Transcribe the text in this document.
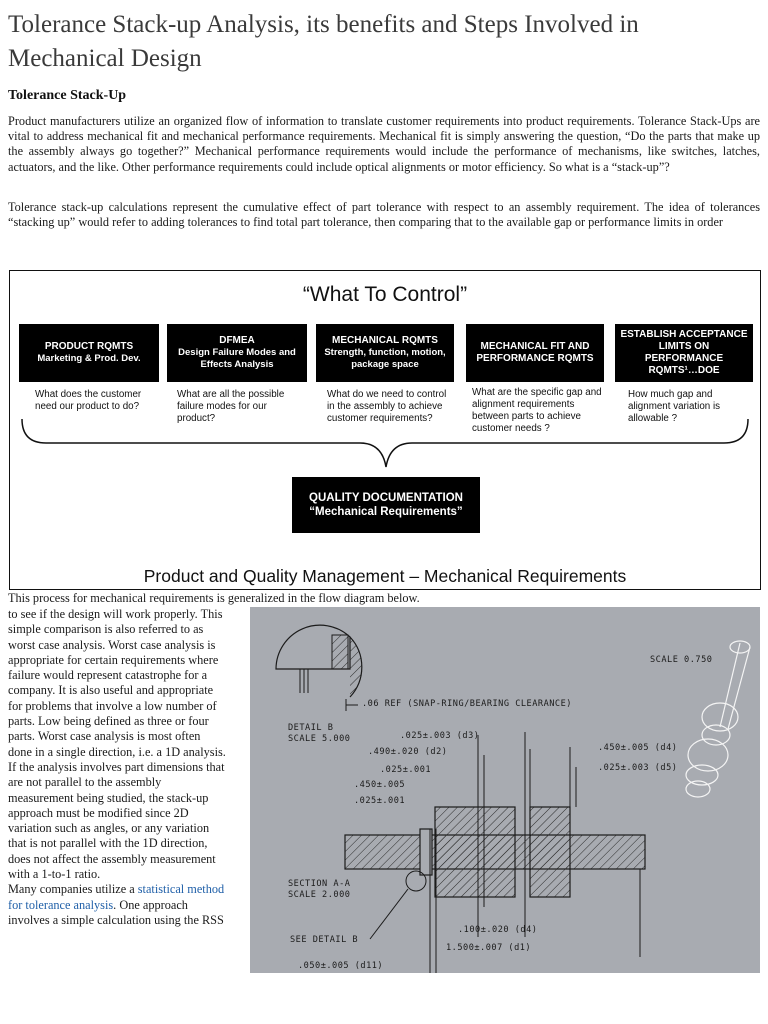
Tolerance Stack-up Analysis, its benefits and Steps Involved in Mechanical Design
Tolerance Stack-Up
Product manufacturers utilize an organized flow of information to translate customer requirements into product requirements. Tolerance Stack-Ups are vital to address mechanical fit and mechanical performance requirements. Mechanical fit is simply answering the question, “Do the parts that make up the assembly always go together?” Mechanical performance requirements would include the performance of mechanisms, like switches, latches, actuators, and the like. Other performance requirements could include optical alignments or motor efficiency. So what is a “stack-up”?
Tolerance stack-up calculations represent the cumulative effect of part tolerance with respect to an assembly requirement. The idea of tolerances “stacking up” would refer to adding tolerances to find total part tolerance, then comparing that to the available gap or performance limits in order
“What To Control”
PRODUCT RQMTS
Marketing & Prod. Dev.
DFMEA
Design Failure Modes and Effects Analysis
MECHANICAL RQMTS
Strength, function, motion, package space
MECHANICAL FIT AND PERFORMANCE RQMTS
ESTABLISH ACCEPTANCE LIMITS ON PERFORMANCE RQMTS¹…DOE
What does the customer need our product to do?
What are all the possible failure modes for our product?
What do we need to control in the assembly to achieve customer requirements?
What are the specific gap and alignment requirements between parts to achieve customer needs ?
How much gap and alignment variation is allowable ?
QUALITY DOCUMENTATION
“Mechanical Requirements”
Product and Quality Management – Mechanical Requirements
This process for mechanical requirements is generalized in the flow diagram below.
to see if the design will work properly. This simple comparison is also referred to as worst case analysis. Worst case analysis is appropriate for certain requirements where failure would represent catastrophe for a company. It is also useful and appropriate for problems that involve a low number of parts. Low being defined as three or four parts. Worst case analysis is most often done in a single direction, i.e. a 1D analysis. If the analysis involves part dimensions that are not parallel to the assembly measurement being studied, the stack-up approach must be modified since 2D variation such as angles, or any variation that is not parallel with the 1D direction, does not affect the assembly measurement with a 1-to-1 ratio.
Many companies utilize a statistical method for tolerance analysis. One approach involves a simple calculation using the RSS
SCALE 0.750
.06 REF (SNAP-RING/BEARING CLEARANCE)
DETAIL B
SCALE 5.000	.025±.003 (d3)
.490±.020 (d2)
.025±.001
.450±.005
.025±.001
.450±.005 (d4)
.025±.003 (d5)
.100±.020 (d4)
1.500±.007 (d1)
.050±.005 (d11)
SECTION A-A
SCALE 2.000
SEE DETAIL B
